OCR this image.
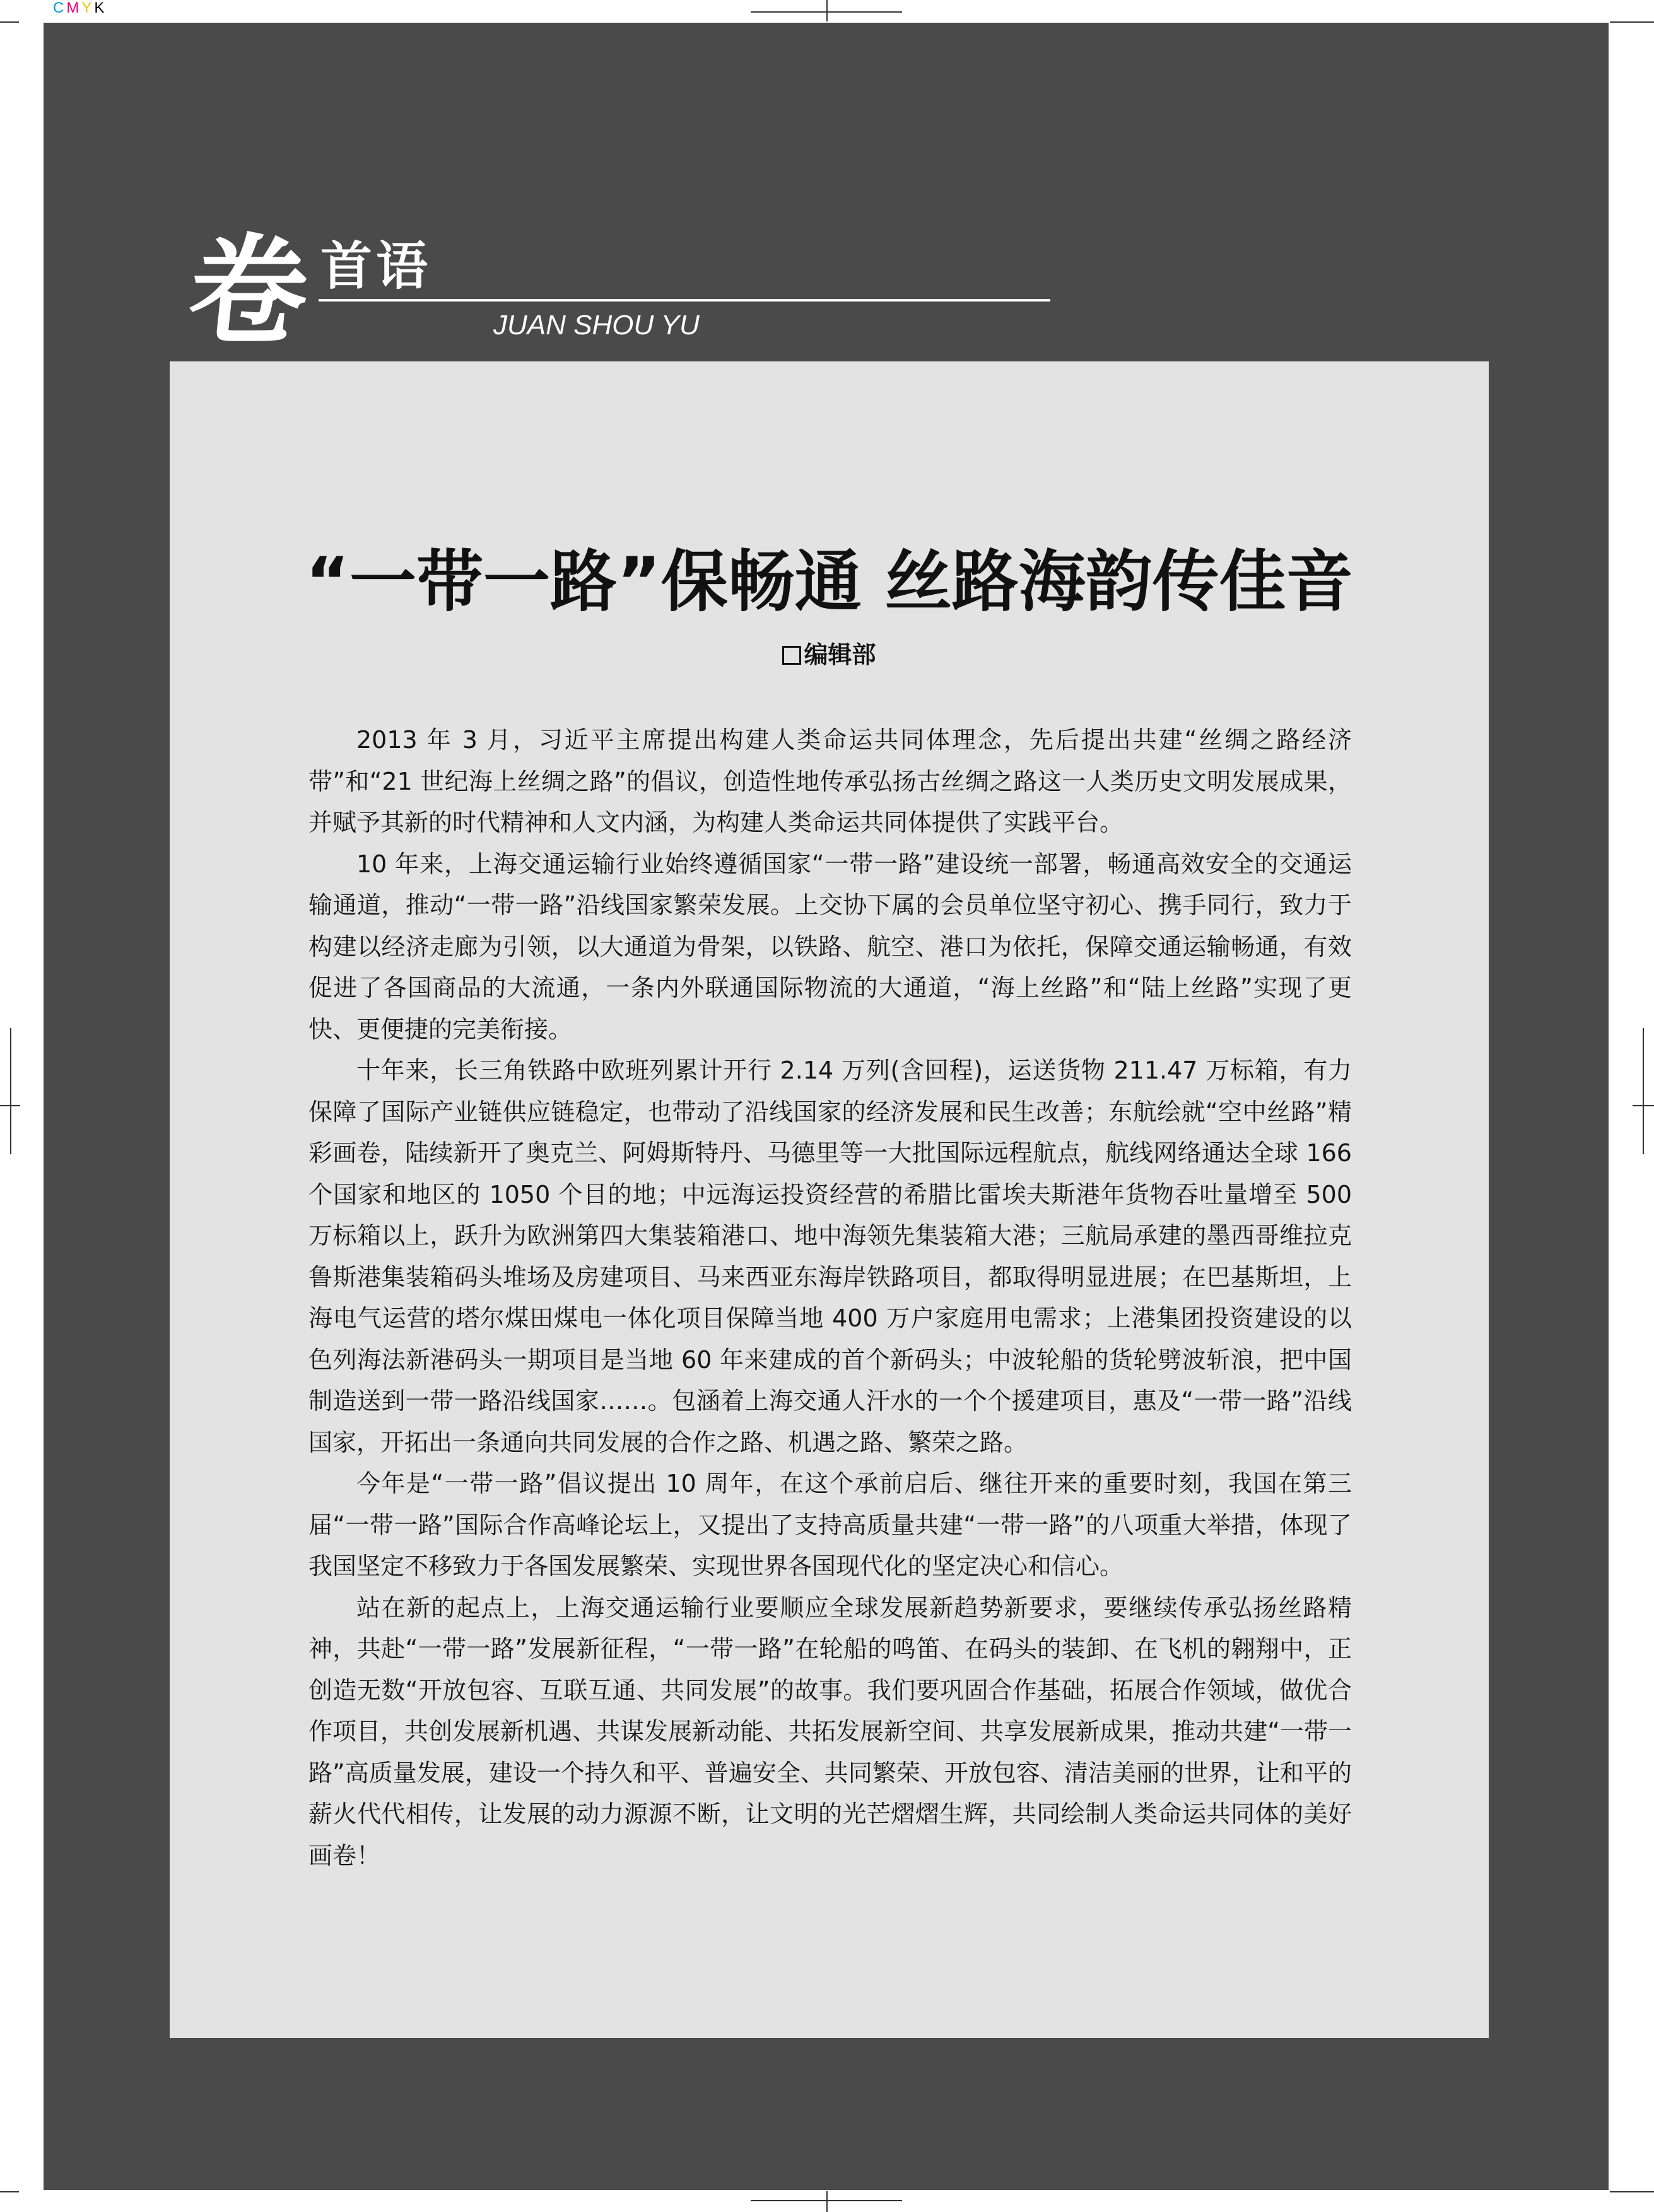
CMYK
卷 首语
JUAN SHOU YU
“一带一路”保畅通 丝路海韵传佳音
编辑部

2013 年 3 月，习近平主席提出构建人类命运共同体理念，先后提出共建“丝绸之路经济带”和“21 世纪海上丝绸之路”的倡议，创造性地传承弘扬古丝绸之路这一人类历史文明发展成果，并赋予其新的时代精神和人文内涵，为构建人类命运共同体提供了实践平台。

10 年来，上海交通运输行业始终遵循国家“一带一路”建设统一部署，畅通高效安全的交通运输通道，推动“一带一路”沿线国家繁荣发展。上交协下属的会员单位坚守初心、携手同行，致力于构建以经济走廊为引领，以大通道为骨架，以铁路、航空、港口为依托，保障交通运输畅通，有效促进了各国商品的大流通，一条内外联通国际物流的大通道，“海上丝路”和“陆上丝路”实现了更快、更便捷的完美衔接。

十年来，长三角铁路中欧班列累计开行 2.14 万列(含回程)，运送货物 211.47 万标箱，有力保障了国际产业链供应链稳定，也带动了沿线国家的经济发展和民生改善；东航绘就“空中丝路”精彩画卷，陆续新开了奥克兰、阿姆斯特丹、马德里等一大批国际远程航点，航线网络通达全球 166 个国家和地区的 1050 个目的地；中远海运投资经营的希腊比雷埃夫斯港年货物吞吐量增至 500 万标箱以上，跃升为欧洲第四大集装箱港口、地中海领先集装箱大港；三航局承建的墨西哥维拉克鲁斯港集装箱码头堆场及房建项目、马来西亚东海岸铁路项目，都取得明显进展；在巴基斯坦，上海电气运营的塔尔煤田煤电一体化项目保障当地 400 万户家庭用电需求；上港集团投资建设的以色列海法新港码头一期项目是当地 60 年来建成的首个新码头；中波轮船的货轮劈波斩浪，把中国制造送到一带一路沿线国家……。包涵着上海交通人汗水的一个个援建项目，惠及“一带一路”沿线国家，开拓出一条通向共同发展的合作之路、机遇之路、繁荣之路。

今年是“一带一路”倡议提出 10 周年，在这个承前启后、继往开来的重要时刻，我国在第三届“一带一路”国际合作高峰论坛上，又提出了支持高质量共建“一带一路”的八项重大举措，体现了我国坚定不移致力于各国发展繁荣、实现世界各国现代化的坚定决心和信心。

站在新的起点上，上海交通运输行业要顺应全球发展新趋势新要求，要继续传承弘扬丝路精神，共赴“一带一路”发展新征程，“一带一路”在轮船的鸣笛、在码头的装卸、在飞机的翱翔中，正创造无数“开放包容、互联互通、共同发展”的故事。我们要巩固合作基础，拓展合作领域，做优合作项目，共创发展新机遇、共谋发展新动能、共拓发展新空间、共享发展新成果，推动共建“一带一路”高质量发展，建设一个持久和平、普遍安全、共同繁荣、开放包容、清洁美丽的世界，让和平的薪火代代相传，让发展的动力源源不断，让文明的光芒熠熠生辉，共同绘制人类命运共同体的美好画卷！
